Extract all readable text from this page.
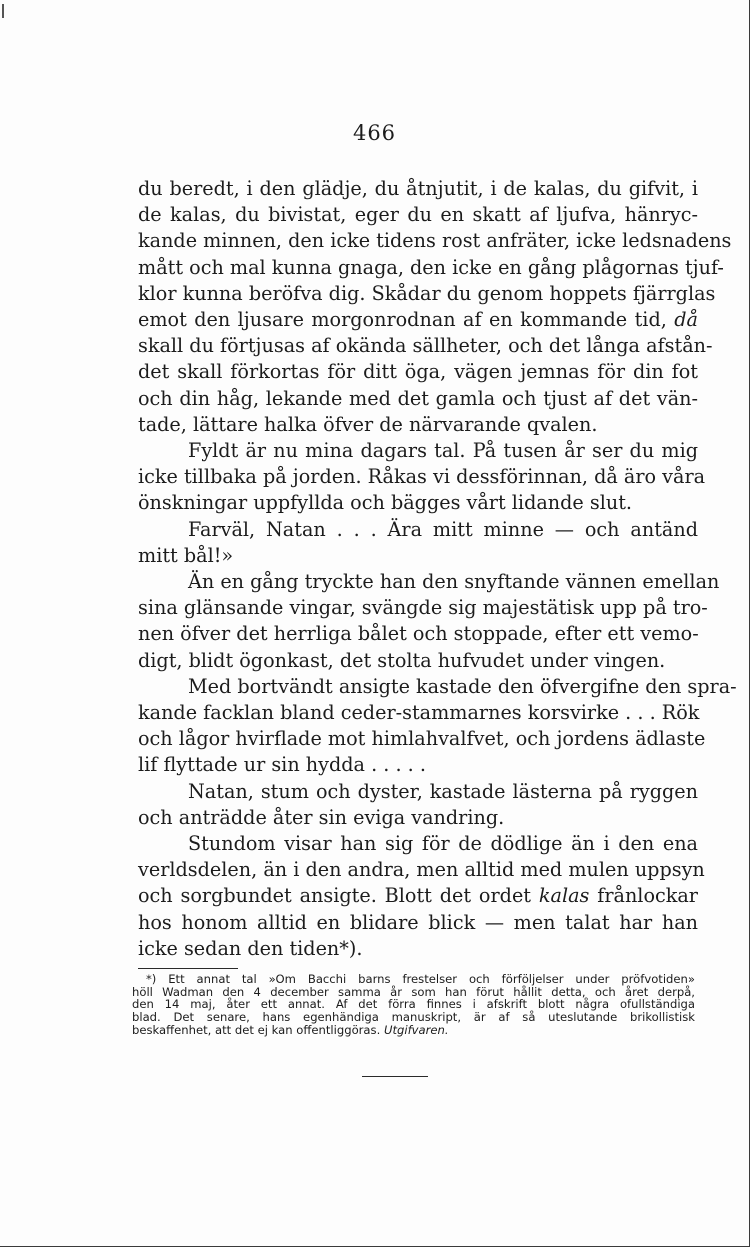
466
du beredt, i den glädje, du åtnjutit, i de kalas, du gifvit, i
de kalas, du bivistat, eger du en skatt af ljufva, hänryc-
kande minnen, den icke tidens rost anfräter, icke ledsnadens
mått och mal kunna gnaga, den icke en gång plågornas tjuf-
klor kunna beröfva dig. Skådar du genom hoppets fjärrglas
emot den ljusare morgonrodnan af en kommande tid, då
skall du förtjusas af okända sällheter, och det långa afstån-
det skall förkortas för ditt öga, vägen jemnas för din fot
och din håg, lekande med det gamla och tjust af det vän-
tade, lättare halka öfver de närvarande qvalen.
Fyldt är nu mina dagars tal. På tusen år ser du mig
icke tillbaka på jorden. Råkas vi dessförinnan, då äro våra
önskningar uppfyllda och bägges vårt lidande slut.
Farväl, Natan . . . Ära mitt minne — och antänd
mitt bål!»
Än en gång tryckte han den snyftande vännen emellan
sina glänsande vingar, svängde sig majestätisk upp på tro-
nen öfver det herrliga bålet och stoppade, efter ett vemo-
digt, blidt ögonkast, det stolta hufvudet under vingen.
Med bortvändt ansigte kastade den öfvergifne den spra-
kande facklan bland ceder-stammarnes korsvirke . . . Rök
och lågor hvirflade mot himlahvalfvet, och jordens ädlaste
lif flyttade ur sin hydda . . . . .
Natan, stum och dyster, kastade lästerna på ryggen
och anträdde åter sin eviga vandring.
Stundom visar han sig för de dödlige än i den ena
verldsdelen, än i den andra, men alltid med mulen uppsyn
och sorgbundet ansigte. Blott det ordet kalas frånlockar
hos honom alltid en blidare blick — men talat har han
icke sedan den tiden*).
*) Ett annat tal »Om Bacchi barns frestelser och förföljelser under pröfvotiden»
höll Wadman den 4 december samma år som han förut hållit detta, och året derpå,
den 14 maj, åter ett annat. Af det förra finnes i afskrift blott några ofullständiga
blad. Det senare, hans egenhändiga manuskript, är af så uteslutande brikollistisk
beskaffenhet, att det ej kan offentliggöras. Utgifvaren.
